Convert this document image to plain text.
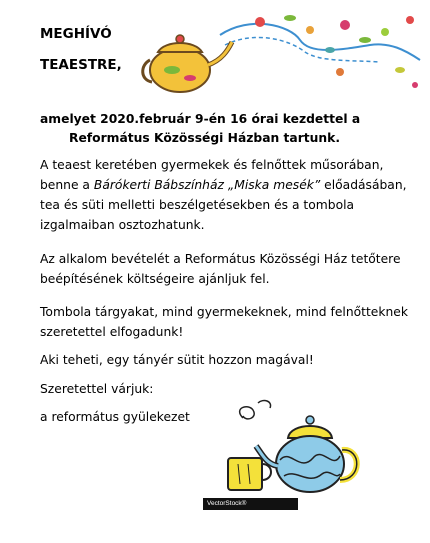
MEGHÍVÓ
TEAESTRE,
amelyet 2020.február 9-én 16 órai kezdettel a
Református Közösségi Házban tartunk.
A teaest keretében gyermekek és felnőttek műsorában,
benne a Bárókerti Bábszínház „Miska mesék” előadásában,
tea és süti melletti beszélgetésekben és a tombola
izgalmaiban osztozhatunk.
Az alkalom bevételét a Református Közösségi Ház tetőtere
beépítésének költségeire ajánljuk fel.
Tombola tárgyakat, mind gyermekeknek, mind felnőtteknek
szeretettel elfogadunk!
Aki teheti, egy tányér sütit hozzon magával!
Szeretettel várjuk:
a református gyülekezet
VectorStock®
